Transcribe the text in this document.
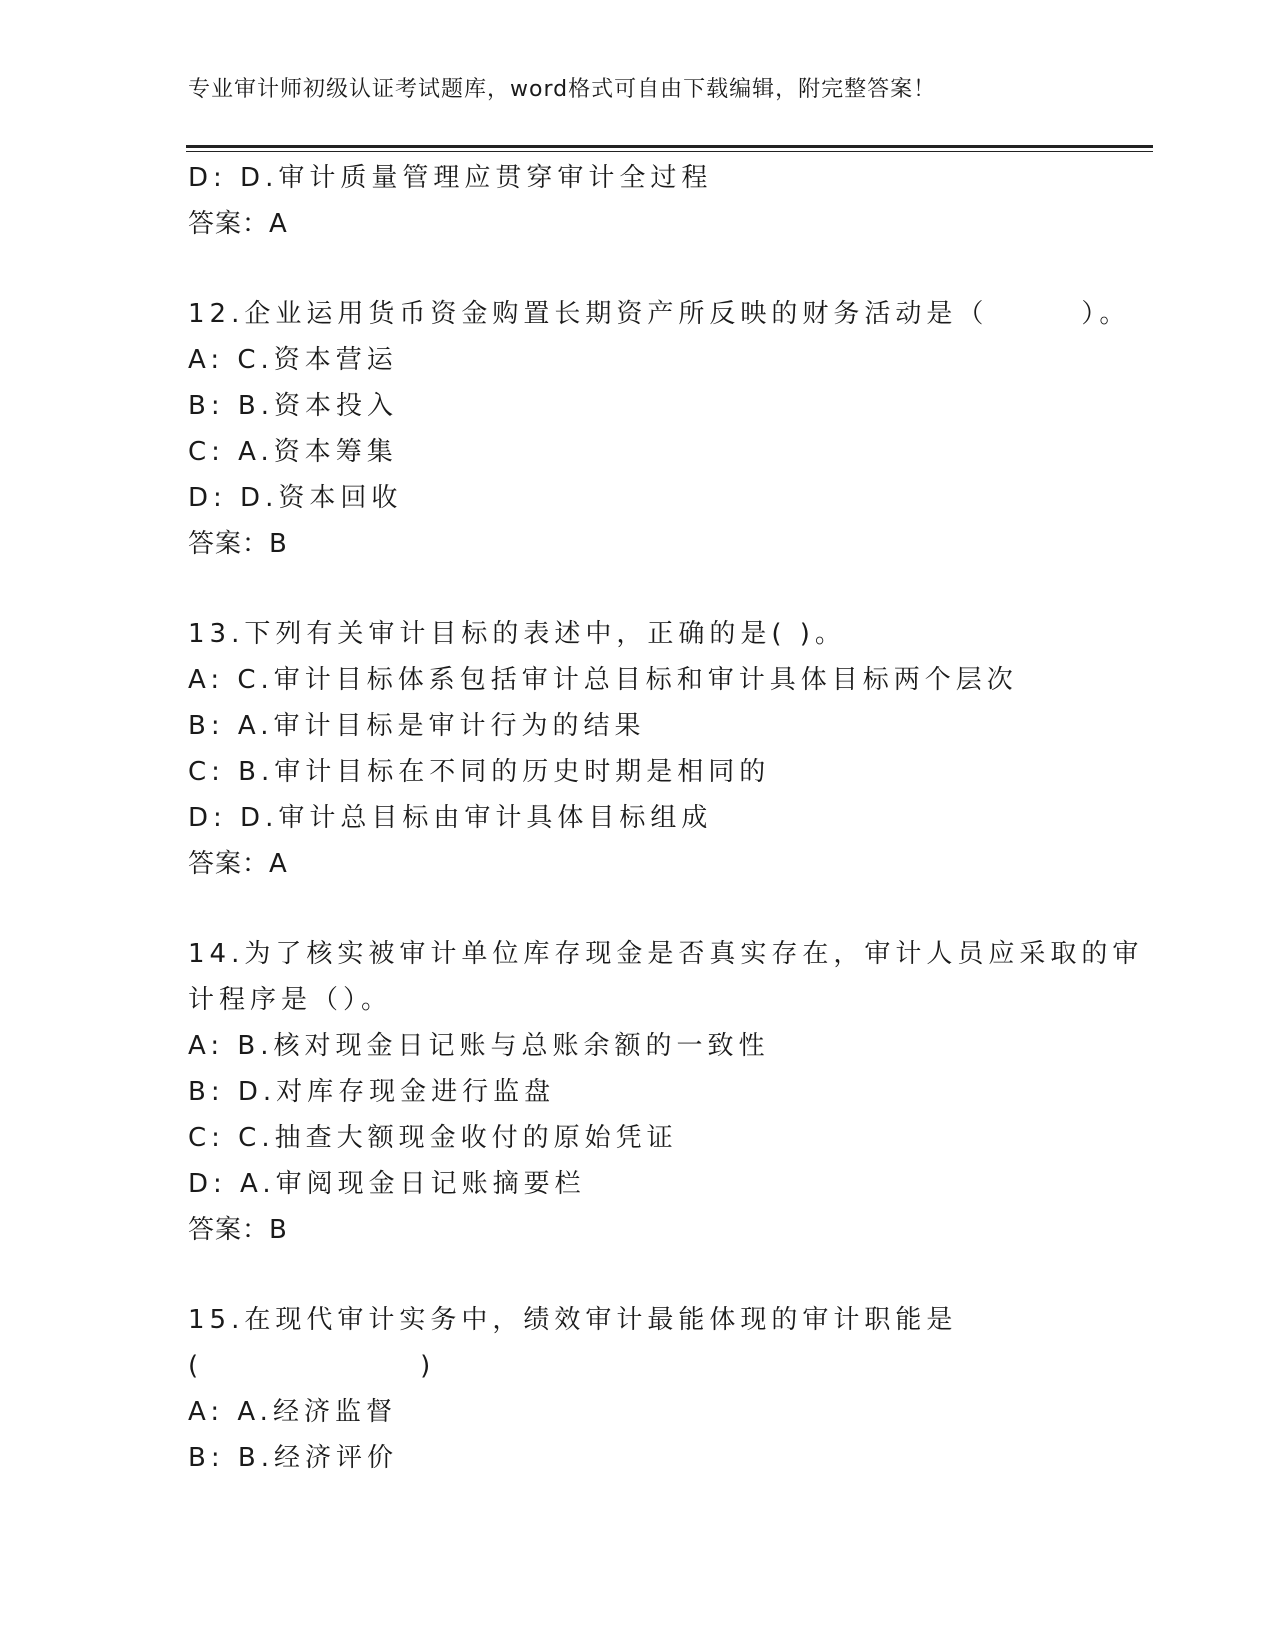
专业审计师初级认证考试题库，word格式可自由下载编辑，附完整答案！
D: D.审计质量管理应贯穿审计全过程
答案：A
12.企业运用货币资金购置长期资产所反映的财务活动是（　　　）。
A: C.资本营运
B: B.资本投入
C: A.资本筹集
D: D.资本回收
答案：B
13.下列有关审计目标的表述中，正确的是( )。
A: C.审计目标体系包括审计总目标和审计具体目标两个层次
B: A.审计目标是审计行为的结果
C: B.审计目标在不同的历史时期是相同的
D: D.审计总目标由审计具体目标组成
答案：A
14.为了核实被审计单位库存现金是否真实存在，审计人员应采取的审
计程序是（）。
A: B.核对现金日记账与总账余额的一致性
B: D.对库存现金进行监盘
C: C.抽查大额现金收付的原始凭证
D: A.审阅现金日记账摘要栏
答案：B
15.在现代审计实务中，绩效审计最能体现的审计职能是
(　　　　　　　)
A: A.经济监督
B: B.经济评价
